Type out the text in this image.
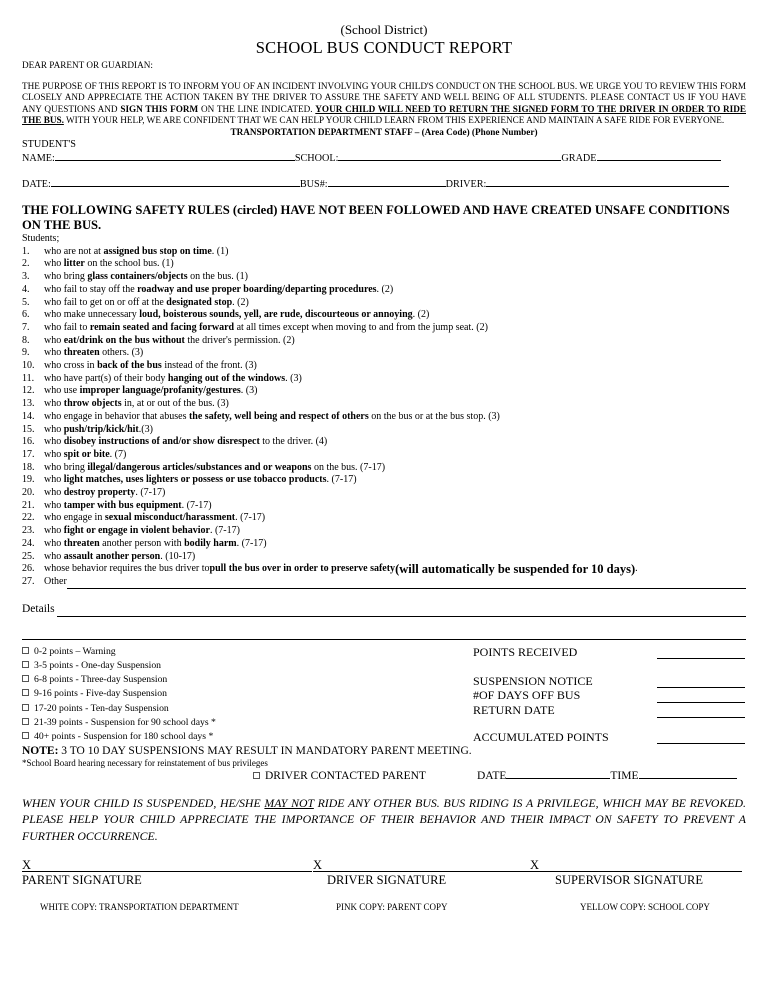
(School District)
SCHOOL BUS CONDUCT REPORT
DEAR PARENT OR GUARDIAN:
THE PURPOSE OF THIS REPORT IS TO INFORM YOU OF AN INCIDENT INVOLVING YOUR CHILD'S CONDUCT ON THE SCHOOL BUS. WE URGE YOU TO REVIEW THIS FORM CLOSELY AND APPRECIATE THE ACTION TAKEN BY THE DRIVER TO ASSURE THE SAFETY AND WELL BEING OF ALL STUDENTS. PLEASE CONTACT US IF YOU HAVE ANY QUESTIONS AND SIGN THIS FORM ON THE LINE INDICATED. YOUR CHILD WILL NEED TO RETURN THE SIGNED FORM TO THE DRIVER IN ORDER TO RIDE THE BUS. WITH YOUR HELP, WE ARE CONFIDENT THAT WE CAN HELP YOUR CHILD LEARN FROM THIS EXPERIENCE AND MAINTAIN A SAFE RIDE FOR EVERYONE.
TRANSPORTATION DEPARTMENT STAFF – (Area Code) (Phone Number)
STUDENT'S
NAME:	SCHOOL:	GRADE
DATE:	BUS#:	DRIVER:
THE FOLLOWING SAFETY RULES (circled) HAVE NOT BEEN FOLLOWED AND HAVE CREATED UNSAFE CONDITIONS ON THE BUS.
Students;
1.	who are not at assigned bus stop on time. (1)
2.	who litter on the school bus. (1)
3.	who bring glass containers/objects on the bus. (1)
4.	who fail to stay off the roadway and use proper boarding/departing procedures. (2)
5.	who fail to get on or off at the designated stop. (2)
6.	who make unnecessary loud, boisterous sounds, yell, are rude, discourteous or annoying. (2)
7.	who fail to remain seated and facing forward at all times except when moving to and from the jump seat. (2)
8.	who eat/drink on the bus without the driver's permission. (2)
9.	who threaten others. (3)
10. who cross in back of the bus instead of the front. (3)
11. who have part(s) of their body hanging out of the windows. (3)
12. who use improper language/profanity/gestures. (3)
13. who throw objects in, at or out of the bus. (3)
14. who engage in behavior that abuses the safety, well being and respect of others on the bus or at the bus stop. (3)
15. who push/trip/kick/hit.(3)
16. who disobey instructions of and/or show disrespect to the driver. (4)
17. who spit or bite. (7)
18. who bring illegal/dangerous articles/substances and or weapons on the bus. (7-17)
19. who light matches, uses lighters or possess or use tobacco products. (7-17)
20. who destroy property. (7-17)
21. who tamper with bus equipment. (7-17)
22. who engage in sexual misconduct/harassment. (7-17)
23. who fight or engage in violent behavior. (7-17)
24. who threaten another person with bodily harm. (7-17)
25. who assault another person. (10-17)
26. whose behavior requires the bus driver to pull the bus over in order to preserve safety (will automatically be suspended for 10 days) .
27. Other
Details
0-2 points – Warning
3-5 points - One-day Suspension
6-8 points - Three-day Suspension
9-16 points - Five-day Suspension
17-20 points - Ten-day Suspension
21-39 points - Suspension for 90 school days *
40+ points - Suspension for 180 school days *
POINTS RECEIVED
SUSPENSION NOTICE
#OF DAYS OFF BUS
RETURN DATE
ACCUMULATED POINTS
NOTE: 3 TO 10 DAY SUSPENSIONS MAY RESULT IN MANDATORY PARENT MEETING.
*School Board hearing necessary for reinstatement of bus privileges
DRIVER CONTACTED PARENT	DATE	TIME
WHEN YOUR CHILD IS SUSPENDED, HE/SHE MAY NOT RIDE ANY OTHER BUS. BUS RIDING IS A PRIVILEGE, WHICH MAY BE REVOKED. PLEASE HELP YOUR CHILD APPRECIATE THE IMPORTANCE OF THEIR BEHAVIOR AND THEIR IMPACT ON SAFETY TO PREVENT A FURTHER OCCURRENCE.
X
PARENT SIGNATURE
X
DRIVER SIGNATURE
X
SUPERVISOR SIGNATURE
WHITE COPY: TRANSPORTATION DEPARTMENT	PINK COPY: PARENT COPY	YELLOW COPY: SCHOOL COPY
